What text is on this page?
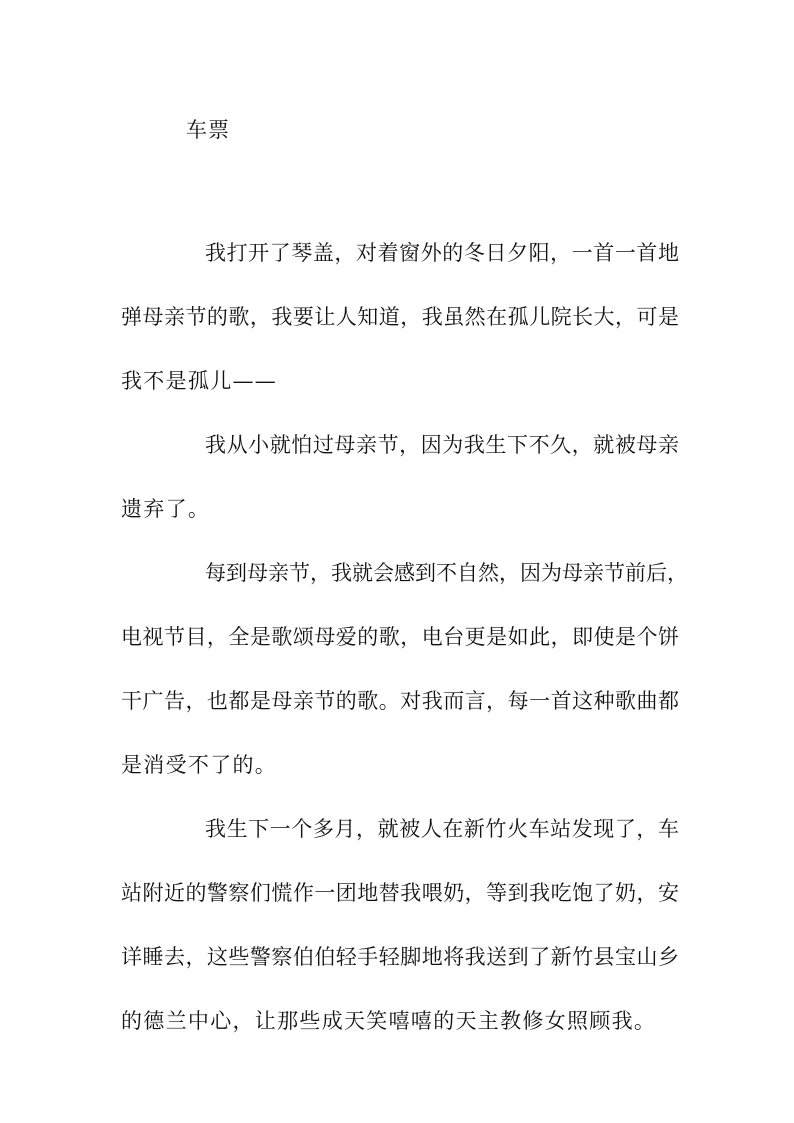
车票
我打开了琴盖，对着窗外的冬日夕阳，一首一首地
弹母亲节的歌，我要让人知道，我虽然在孤儿院长大，可是
我不是孤儿——
我从小就怕过母亲节，因为我生下不久，就被母亲
遗弃了。
每到母亲节，我就会感到不自然，因为母亲节前后，
电视节目，全是歌颂母爱的歌，电台更是如此，即使是个饼
干广告，也都是母亲节的歌。对我而言，每一首这种歌曲都
是消受不了的。
我生下一个多月，就被人在新竹火车站发现了，车
站附近的警察们慌作一团地替我喂奶，等到我吃饱了奶，安
详睡去，这些警察伯伯轻手轻脚地将我送到了新竹县宝山乡
的德兰中心，让那些成天笑嘻嘻的天主教修女照顾我。
